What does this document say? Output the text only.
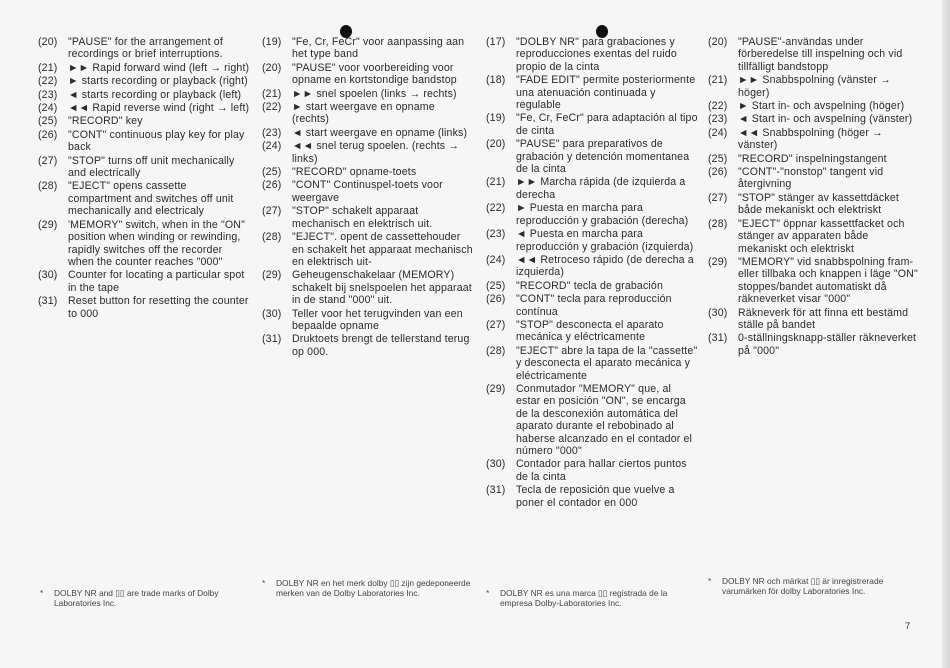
(20) "PAUSE" for the arrangement of recordings or brief interruptions.
(21) ►► Rapid forward wind (left → right)
(22) ► starts recording or playback (right)
(23) ◄ starts recording or playback (left)
(24) ◄◄ Rapid reverse wind (right → left)
(25) "RECORD" key
(26) "CONT" continuous play key for play back
(27) "STOP" turns off unit mechanically and electrically
(28) "EJECT" opens cassette compartment and switches off unit mechanically and electricaly
(29) 'MEMORY" switch, when in the "ON" position when winding or rewinding, rapidly switches off the recorder when the counter reaches "000"
(30) Counter for locating a particular spot in the tape
(31) Reset button for resetting the counter to 000
(19) "Fe, Cr, FeCr" voor aanpassing aan het type band
(20) "PAUSE" voor voorbereiding voor opname en kortstondige bandstop
(21) ►► snel spoelen (links → rechts)
(22) ► start weergave en opname (rechts)
(23) ◄ start weergave en opname (links)
(24) ◄◄ snel terug spoelen. (rechts → links)
(25) "RECORD" opname-toets
(26) "CONT" Continuspel-toets voor weergave
(27) "STOP" schakelt apparaat mechanisch en elektrisch uit.
(28) "EJECT". opent de cassettehouder en schakelt het apparaat mechanisch en elektrisch uit-
(29) Geheugenschakelaar (MEMORY) schakelt bij snelspoelen het apparaat in de stand "000" uit.
(30) Teller voor het terugvinden van een bepaalde opname
(31) Druktoets brengt de tellerstand terug op 000.
(17) "DOLBY NR" para grabaciones y reproducciones exentas del ruido propio de la cinta
(18) "FADE EDIT" permite posteriormente una atenuación continuada y regulable
(19) "Fe, Cr, FeCr" para adaptación al tipo de cinta
(20) "PAUSE" para preparativos de grabación y detención momentanea de la cinta
(21) ►► Marcha rápida (de izquierda a derecha
(22) ► Puesta en marcha para reproducción y grabación (derecha)
(23) ◄ Puesta en marcha para reproducción y grabación (izquierda)
(24) ◄◄ Retroceso rápido (de derecha a izquierda)
(25) "RECORD" tecla de grabación
(26) "CONT" tecla para reproducción contínua
(27) "STOP" desconecta el aparato mecánica y eléctricamente
(28) "EJECT" abre la tapa de la "cassette" y desconecta el aparato mecánica y eléctricamente
(29) Conmutador "MEMORY" que, al estar en posición "ON", se encarga de la desconexión automática del aparato durante el rebobinado al haberse alcanzado en el contador el número "000"
(30) Contador para hallar ciertos puntos de la cinta
(31) Tecla de reposición que vuelve a poner el contador en 000
(20) "PAUSE"-användas under förberedelse till inspelning och vid tillfälligt bandstopp
(21) ►► Snabbspolning (vänster → höger)
(22) ► Start in- och avspelning (höger)
(23) ◄ Start in- och avspelning (vänster)
(24) ◄◄ Snabbspolning (höger → vänster)
(25) "RECORD" inspelningstangent
(26) "CONT"-"nonstop" tangent vid återgivning
(27) "STOP" stänger av kassettdäcket både mekaniskt och elektriskt
(28) "EJECT" öppnar kassettfacket och stänger av apparaten både mekaniskt och elektriskt
(29) "MEMORY" vid snabbspolning fram- eller tillbaka och knappen i läge "ON" stoppes/bandet automatiskt då räkneverket visar "000"
(30) Räkneverk för att finna ett bestämd ställe på bandet
(31) 0-ställningsknapp-ställer räkneverket på "000"
*	DOLBY NR and ▯▯ are trade marks of Dolby Laboratories Inc.
*	DOLBY NR en het merk dolby ▯▯ zijn gedeponeerde merken van de Dolby Laboratories Inc.	*	DOLBY NR es una marca ▯▯ registrada de la empresa Dolby-Laboratories Inc.
*	DOLBY NR och märkat ▯▯ är inregistrerade varumärken för dolby Laboratories Inc.
7
